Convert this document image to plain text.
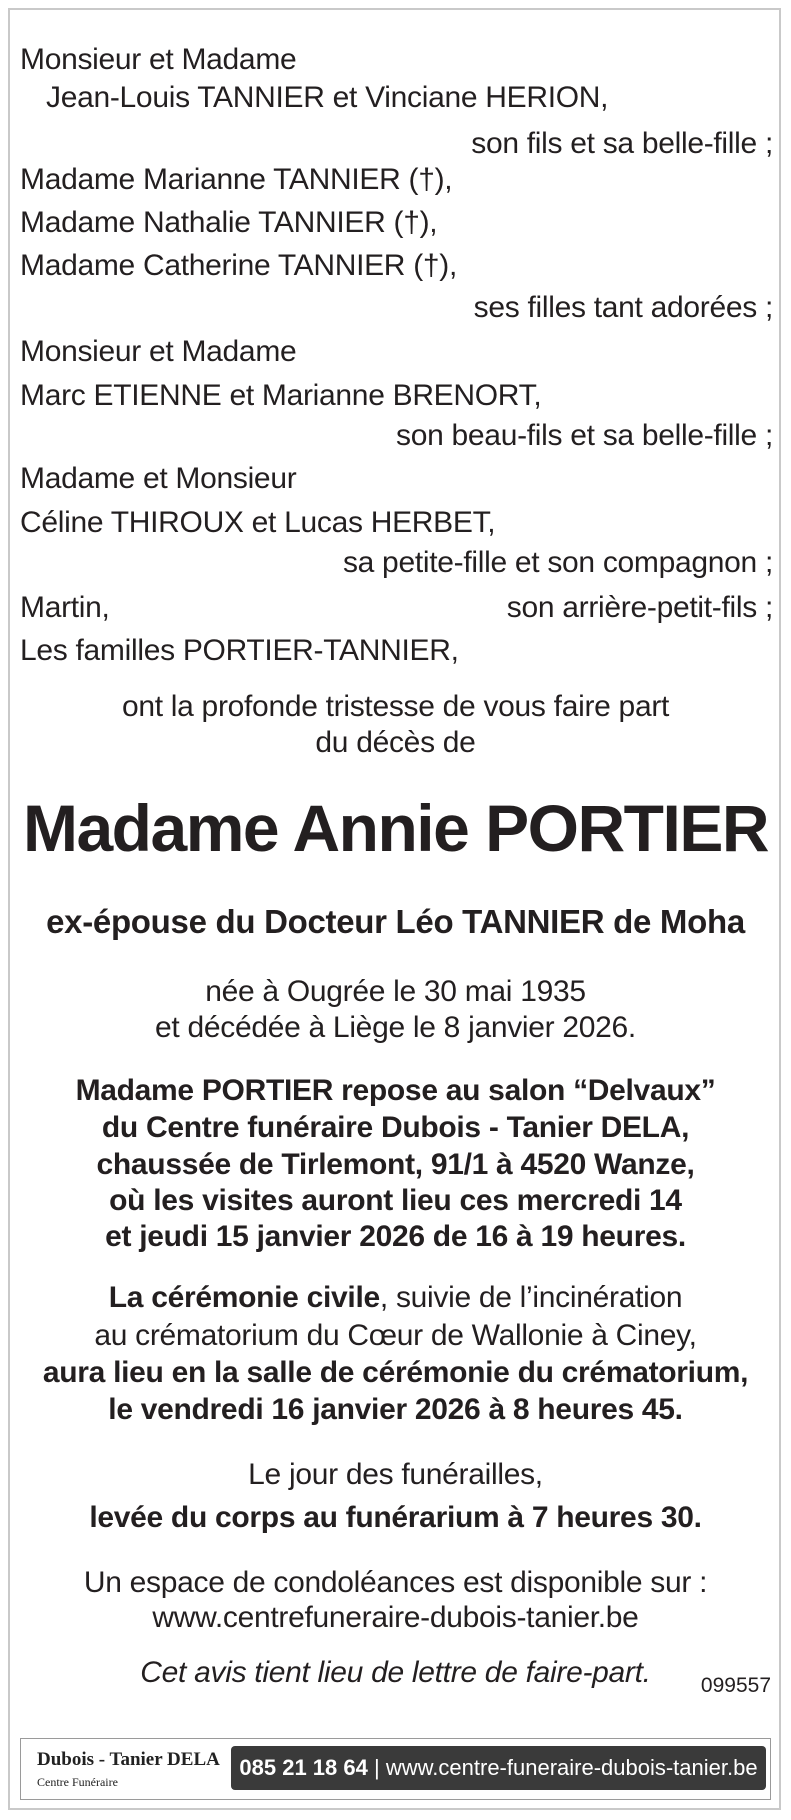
Monsieur et Madame
Jean-Louis TANNIER et Vinciane HERION,
son fils et sa belle-fille ;
Madame Marianne TANNIER (†),
Madame Nathalie TANNIER (†),
Madame Catherine TANNIER (†),
ses filles tant adorées ;
Monsieur et Madame
Marc ETIENNE et Marianne BRENORT,
son beau-fils et sa belle-fille ;
Madame et Monsieur
Céline THIROUX et Lucas HERBET,
sa petite-fille et son compagnon ;
Martin,	son arrière-petit-fils ;
Les familles PORTIER-TANNIER,
ont la profonde tristesse de vous faire part
du décès de
Madame Annie PORTIER
ex-épouse du Docteur Léo TANNIER de Moha
née à Ougrée le 30 mai 1935
et décédée à Liège le 8 janvier 2026.
Madame PORTIER repose au salon “Delvaux”
du Centre funéraire Dubois - Tanier DELA,
chaussée de Tirlemont, 91/1 à 4520 Wanze,
où les visites auront lieu ces mercredi 14
et jeudi 15 janvier 2026 de 16 à 19 heures.
La cérémonie civile, suivie de l’incinération
au crématorium du Cœur de Wallonie à Ciney,
aura lieu en la salle de cérémonie du crématorium,
le vendredi 16 janvier 2026 à 8 heures 45.
Le jour des funérailles,
levée du corps au funérarium à 7 heures 30.
Un espace de condoléances est disponible sur :
www.centrefuneraire-dubois-tanier.be
Cet avis tient lieu de lettre de faire-part.	099557
Dubois - Tanier DELA
Centre Funéraire
085 21 18 64 | www.centre-funeraire-dubois-tanier.be
